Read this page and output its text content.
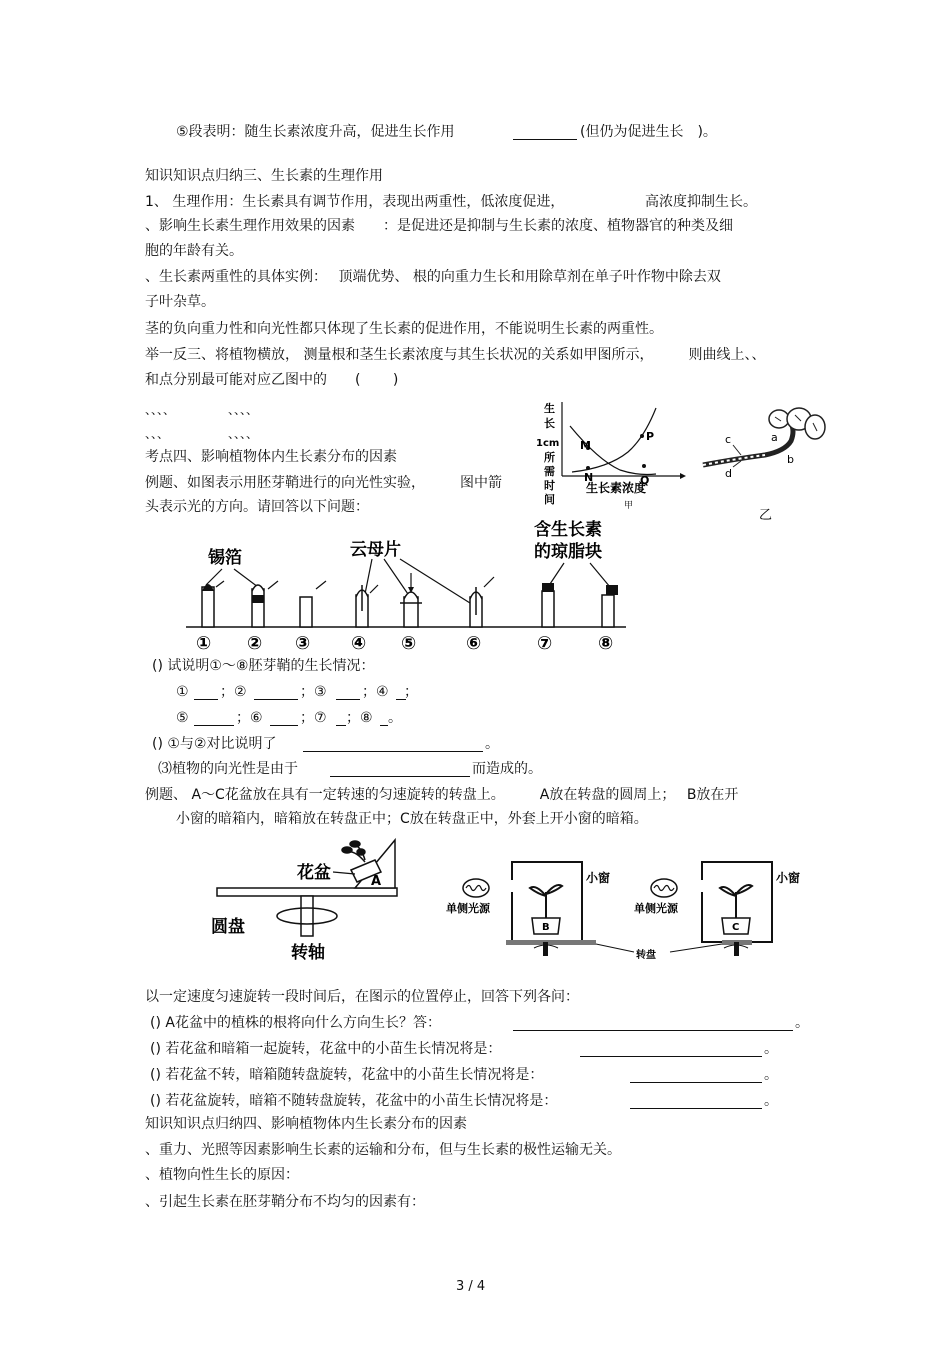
⑤段表明：随生长素浓度升高，促进生长作用	(但仍为促进生长　)。
知识知识点归纳三、生长素的生理作用
1、 生理作用：生长素具有调节作用，表现出两重性，低浓度促进，	高浓度抑制生长。
、影响生长素生理作用效果的因素　　：是促进还是抑制与生长素的浓度、植物器官的种类及细
胞的年龄有关。
、生长素两重性的具体实例：　 顶端优势、 根的向重力生长和用除草剂在单子叶作物中除去双
子叶杂草。
茎的负向重力性和向光性都只体现了生长素的促进作用，不能说明生长素的两重性。
举一反三、将植物横放， 测量根和茎生长素浓度与其生长状况的关系如甲图所示，　　　则曲线上、、
和点分别最可能对应乙图中的　　(　　 )
、、、、	、、、、
、、、	、、、、
考点四、影响植物体内生长素分布的因素
例题、如图表示用胚芽鞘进行的向光性实验，　　　图中箭
头表示光的方向。请回答以下问题：
生
长
1cm
所
需
时
间
M
N
P
Q
生长素浓度
甲
c	a
d
b
乙
锡箔	云母片
含生长素
的琼脂块
① ② ③ ④ ⑤	⑥	⑦	⑧
() 试说明①～⑧胚芽鞘的生长情况：
① ；②	；③	；④ ；
⑤	；⑥	；⑦ ；⑧ 。
() ①与②对比说明了	。
⑶植物的向光性是由于	而造成的。
例题、 A～C花盆放在具有一定转速的匀速旋转的转盘上。　　　A放在转盘的圆周上；　 B放在开
小窗的暗箱内，暗箱放在转盘正中；C放在转盘正中，外套上开小窗的暗箱。
花盆	A
圆盘
转轴
单侧光源
小窗
B
单侧光源
小窗
C
转盘
以一定速度匀速旋转一段时间后，在图示的位置停止，回答下列各问：
() A花盆中的植株的根将向什么方向生长？答：	。
() 若花盆和暗箱一起旋转，花盆中的小苗生长情况将是：	。
() 若花盆不转，暗箱随转盘旋转，花盆中的小苗生长情况将是：	。
() 若花盆旋转，暗箱不随转盘旋转，花盆中的小苗生长情况将是：	。
知识知识点归纳四、影响植物体内生长素分布的因素
、重力、光照等因素影响生长素的运输和分布，但与生长素的极性运输无关。
、植物向性生长的原因：
、引起生长素在胚芽鞘分布不均匀的因素有：
3 / 4
